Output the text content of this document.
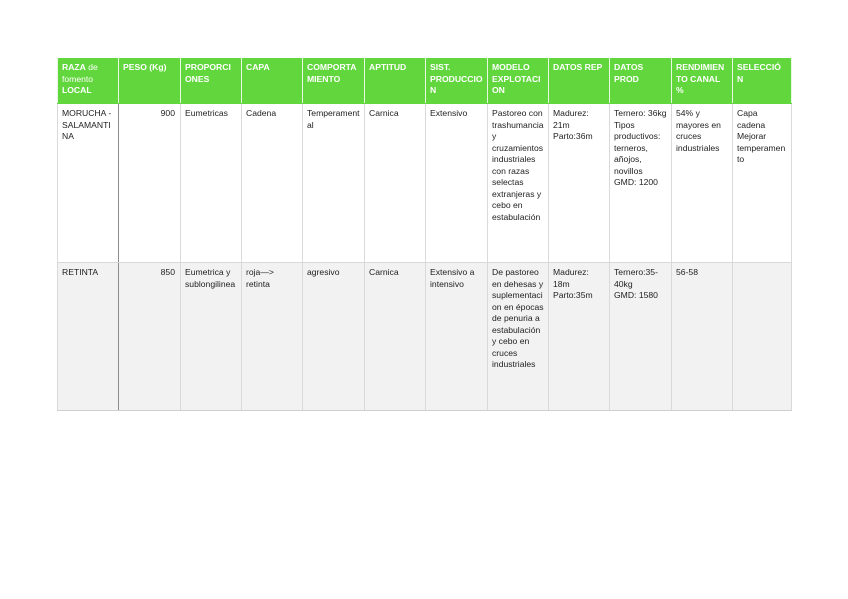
RAZA de fomento
LOCAL	PESO (Kg)	PROPORCIONES	CAPA	COMPORTAMIENTO	APTITUD	SIST. PRODUCCION	MODELO EXPLOTACION	DATOS REP	DATOS PROD	RENDIMIENTO CANAL %	SELECCIÓN
MORUCHA - SALAMANTINA	900	Eumetricas	Cadena	Temperamental	Carnica	Extensivo	Pastoreo con trashumancia y cruzamientos industriales con razas selectas extranjeras y cebo en estabulación	Madurez: 21m
Parto:36m	Ternero: 36kg
Tipos productivos: terneros, añojos, novillos
GMD: 1200	54% y mayores en cruces industriales	Capa cadena
Mejorar temperamento

RETINTA	850	Eumetrica y sublongilinea	roja—> retinta	agresivo	Carnica	Extensivo a intensivo	De pastoreo en dehesas y suplementacion en épocas de penuria a estabulación y cebo en cruces industriales	Madurez: 18m
Parto:35m	Ternero:35-40kg
GMD: 1580	56-58	
